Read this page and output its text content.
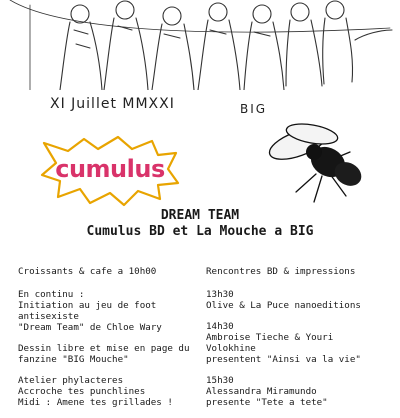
XI Juillet MMXXI	BIG
cumulus
DREAM TEAM
Cumulus BD et La Mouche a BIG

Croissants & cafe a 10h00

En continu :
Initiation au jeu de foot antisexiste
"Dream Team" de Chloe Wary

Dessin libre et mise en page du
fanzine "BIG Mouche"

Atelier phylacteres
Accroche tes punchlines
Midi : Amene tes grillades !

Rencontres BD & impressions

13h30
Olive & La Puce nanoeditions

14h30
Ambroise Tieche & Youri Volokhine
presentent "Ainsi va la vie"

15h30
Alessandra Miramundo
presente "Tete a tete"
